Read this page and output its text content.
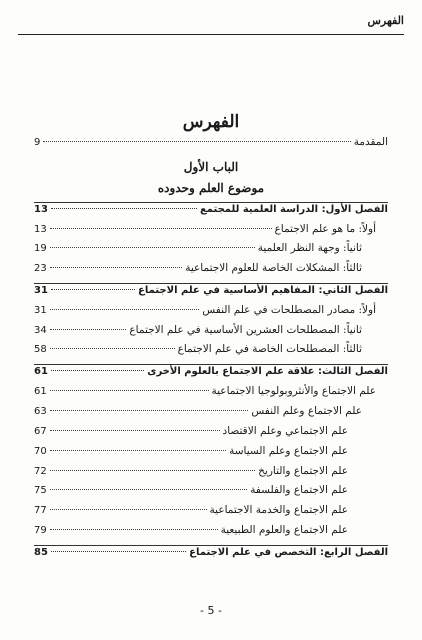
الفهرس
الفهرس
المقدمة
9
الباب الأول
موضوع العلم وحدوده
الفصل الأول: الدراسة العلمية للمجتمع
13
أولاً: ما هو علم الاجتماع
13
ثانياً: وجهة النظر العلمية
19
ثالثاً: المشكلات الخاصة للعلوم الاجتماعية
23
الفصل الثاني: المفاهيم الأساسية في علم الاجتماع
31
أولاً: مصادر المصطلحات في علم النفس
31
ثانياً: المصطلحات العشرين الأساسية في علم الاجتماع
34
ثالثاً: المصطلحات الخاصة في علم الاجتماع
58
الفصل الثالث: علاقة علم الاجتماع بالعلوم الأخرى
61
علم الاجتماع والأنثروبولوجيا الاجتماعية
61
علم الاجتماع وعلم النفس
63
علم الاجتماعي وعلم الاقتصاد
67
علم الاجتماع وعلم السياسة
70
علم الاجتماع والتاريخ
72
علم الاجتماع والفلسفة
75
علم الاجتماع والخدمة الاجتماعية
77
علم الاجتماع والعلوم الطبيعية
79
الفصل الرابع: التخصص في علم الاجتماع
85
- 5 -
